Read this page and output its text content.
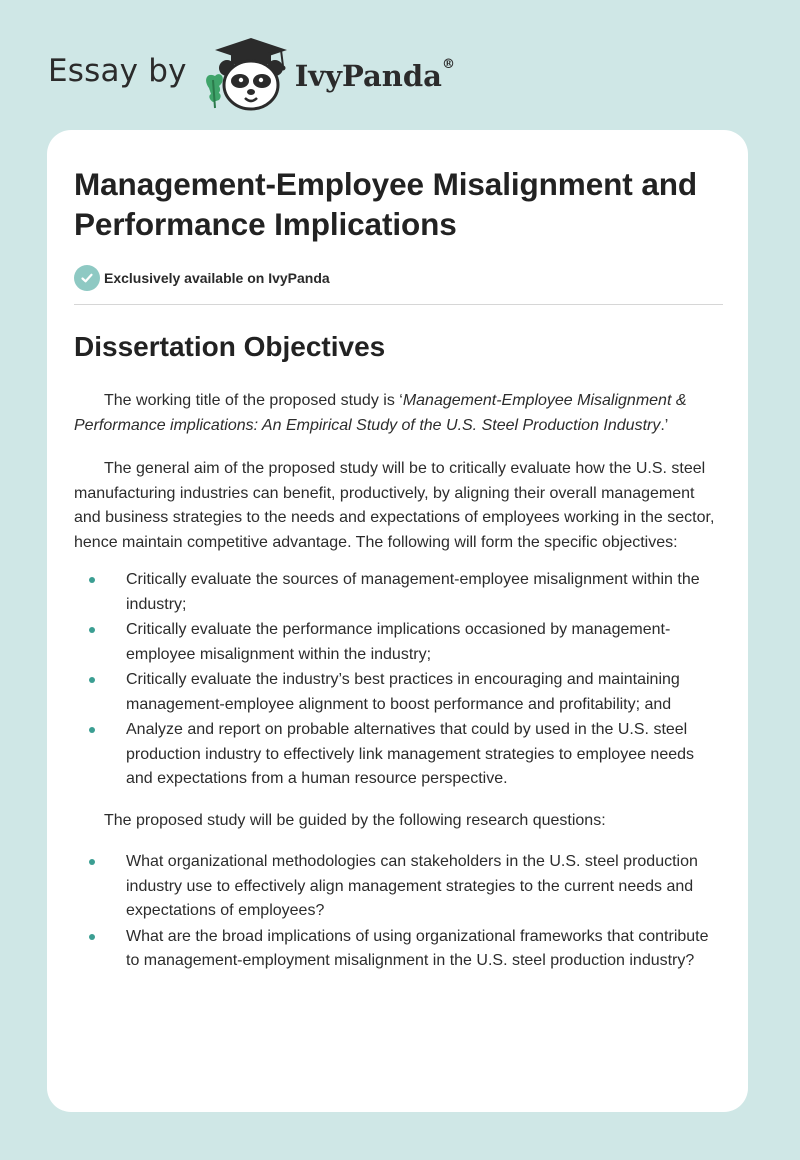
Essay by	IvyPanda®
Management-Employee Misalignment and Performance Implications
Exclusively available on IvyPanda
Dissertation Objectives

The working title of the proposed study is ‘Management-Employee Misalignment & Performance implications: An Empirical Study of the U.S. Steel Production Industry.’

The general aim of the proposed study will be to critically evaluate how the U.S. steel manufacturing industries can benefit, productively, by aligning their overall management and business strategies to the needs and expectations of employees working in the sector, hence maintain competitive advantage. The following will form the specific objectives:

Critically evaluate the sources of management-employee misalignment within the industry;
Critically evaluate the performance implications occasioned by management-employee misalignment within the industry;
Critically evaluate the industry’s best practices in encouraging and maintaining management-employee alignment to boost performance and profitability; and
Analyze and report on probable alternatives that could by used in the U.S. steel production industry to effectively link management strategies to employee needs and expectations from a human resource perspective.

The proposed study will be guided by the following research questions:

What organizational methodologies can stakeholders in the U.S. steel production industry use to effectively align management strategies to the current needs and expectations of employees?
What are the broad implications of using organizational frameworks that contribute to management-employment misalignment in the U.S. steel production industry?
